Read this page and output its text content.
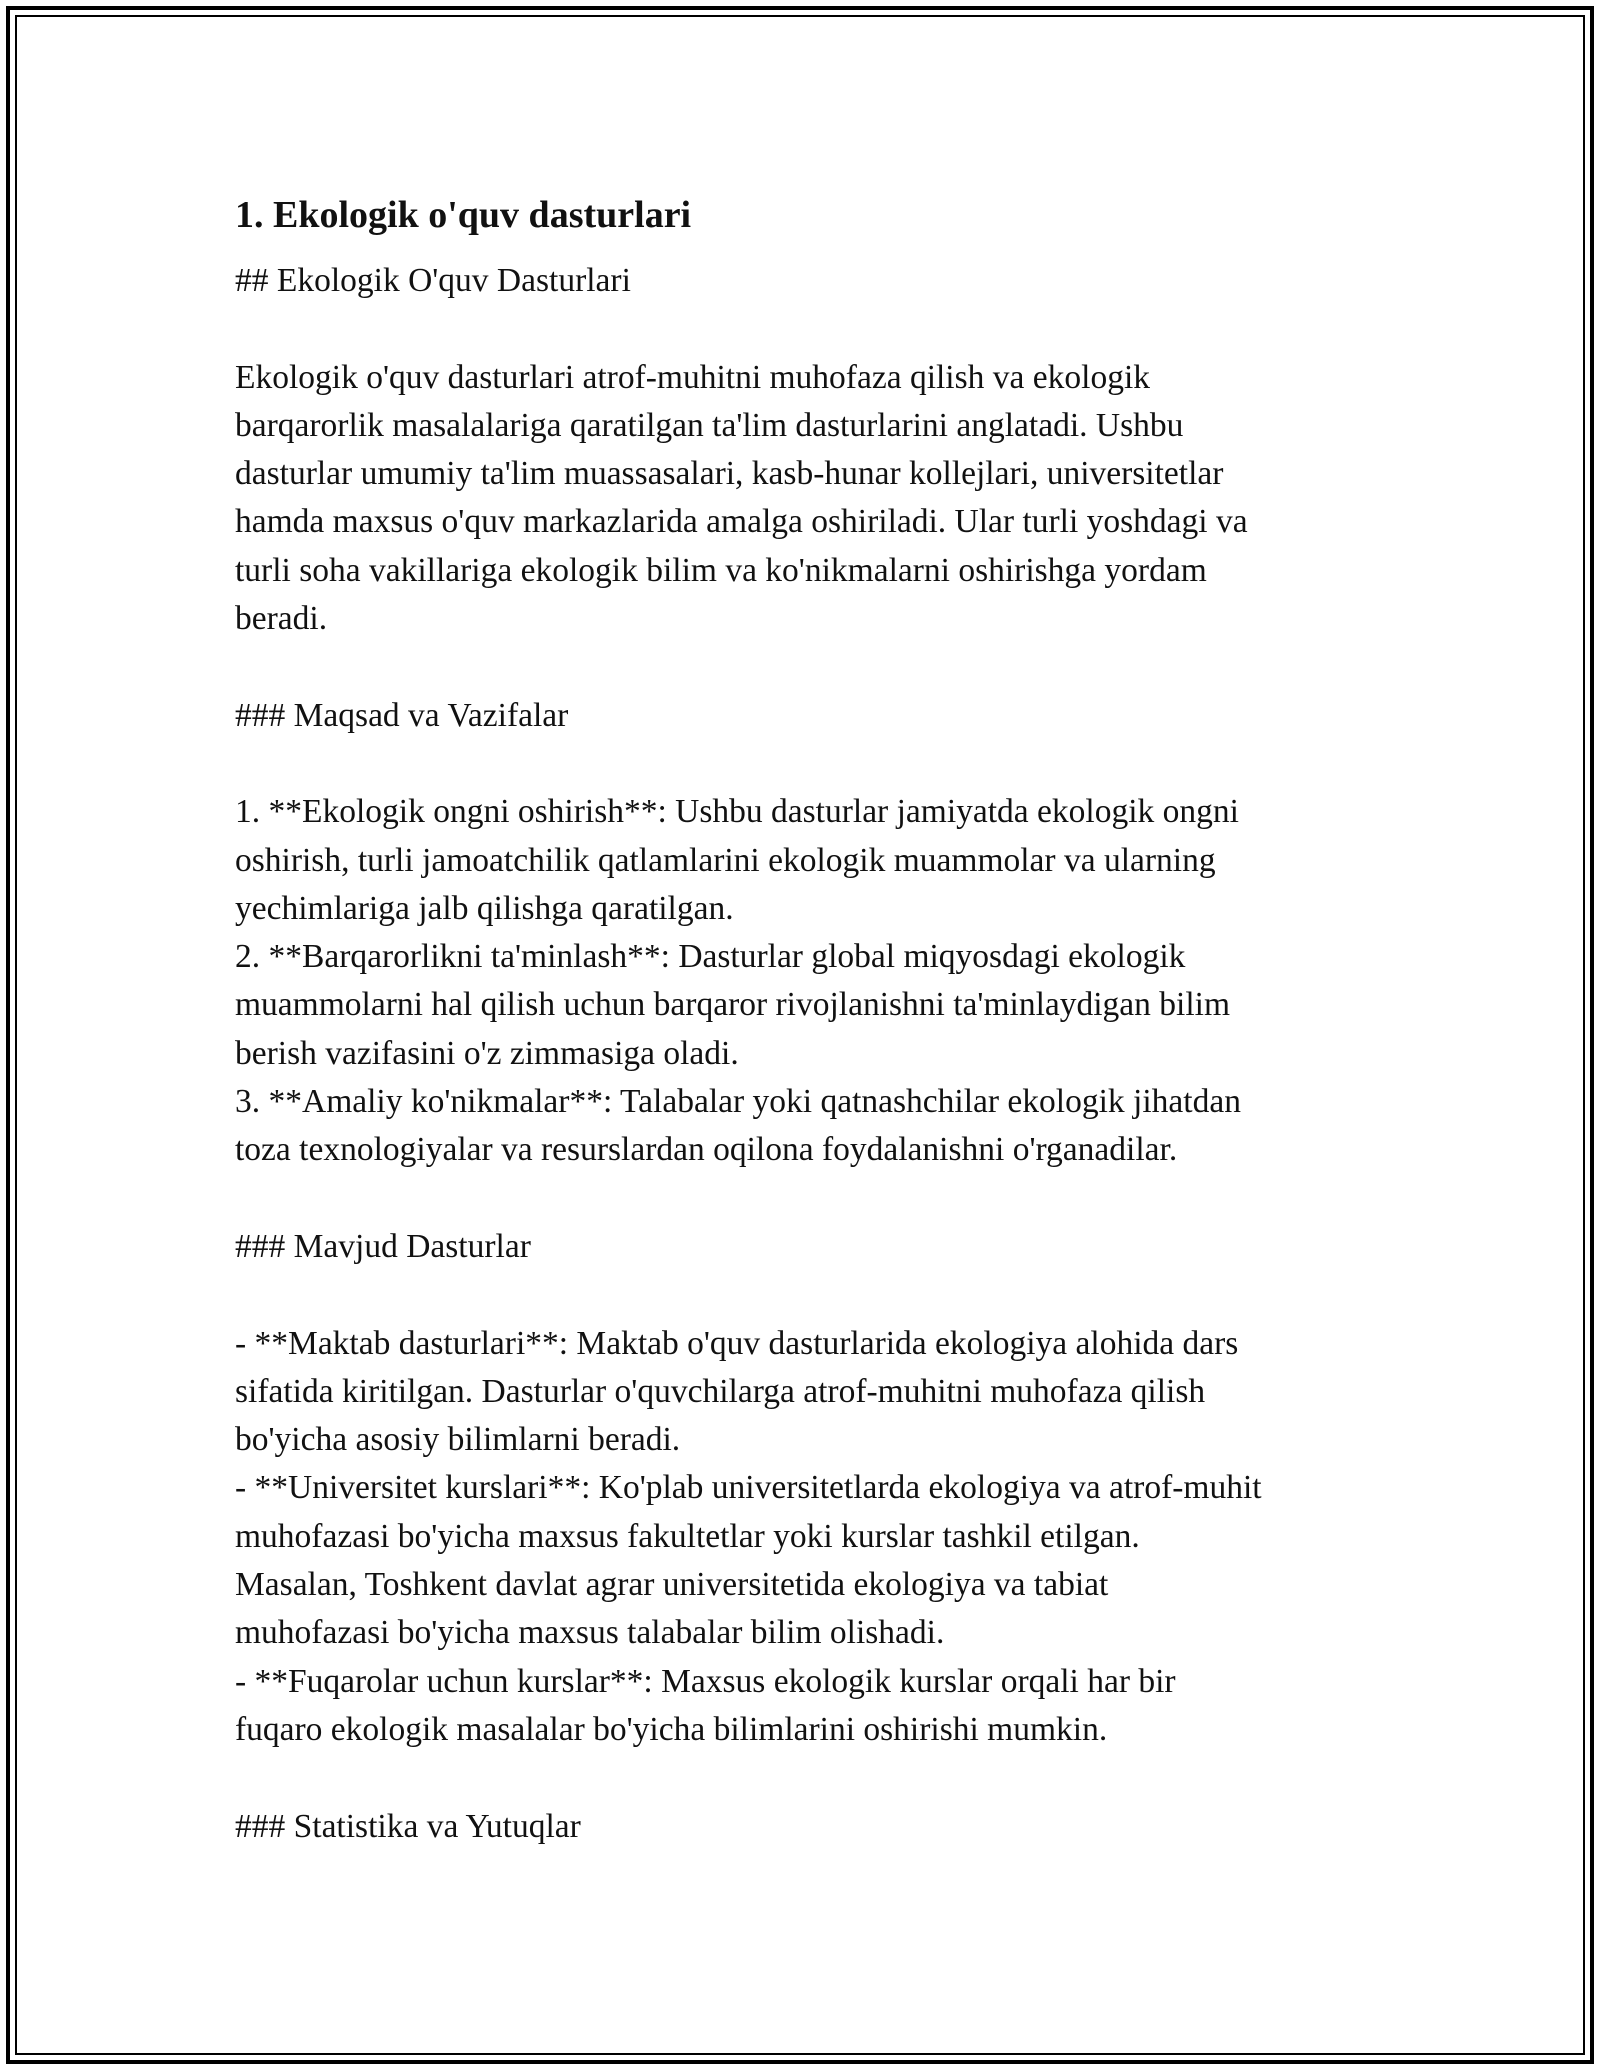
1. Ekologik o'quv dasturlari
## Ekologik O'quv Dasturlari
Ekologik o'quv dasturlari atrof-muhitni muhofaza qilish va ekologik
barqarorlik masalalariga qaratilgan ta'lim dasturlarini anglatadi. Ushbu
dasturlar umumiy ta'lim muassasalari, kasb-hunar kollejlari, universitetlar
hamda maxsus o'quv markazlarida amalga oshiriladi. Ular turli yoshdagi va
turli soha vakillariga ekologik bilim va ko'nikmalarni oshirishga yordam
beradi.
### Maqsad va Vazifalar
1. **Ekologik ongni oshirish**: Ushbu dasturlar jamiyatda ekologik ongni
oshirish, turli jamoatchilik qatlamlarini ekologik muammolar va ularning
yechimlariga jalb qilishga qaratilgan.
2. **Barqarorlikni ta'minlash**: Dasturlar global miqyosdagi ekologik
muammolarni hal qilish uchun barqaror rivojlanishni ta'minlaydigan bilim
berish vazifasini o'z zimmasiga oladi.
3. **Amaliy ko'nikmalar**: Talabalar yoki qatnashchilar ekologik jihatdan
toza texnologiyalar va resurslardan oqilona foydalanishni o'rganadilar.
### Mavjud Dasturlar
- **Maktab dasturlari**: Maktab o'quv dasturlarida ekologiya alohida dars
sifatida kiritilgan. Dasturlar o'quvchilarga atrof-muhitni muhofaza qilish
bo'yicha asosiy bilimlarni beradi.
- **Universitet kurslari**: Ko'plab universitetlarda ekologiya va atrof-muhit
muhofazasi bo'yicha maxsus fakultetlar yoki kurslar tashkil etilgan.
Masalan, Toshkent davlat agrar universitetida ekologiya va tabiat
muhofazasi bo'yicha maxsus talabalar bilim olishadi.
- **Fuqarolar uchun kurslar**: Maxsus ekologik kurslar orqali har bir
fuqaro ekologik masalalar bo'yicha bilimlarini oshirishi mumkin.
### Statistika va Yutuqlar
